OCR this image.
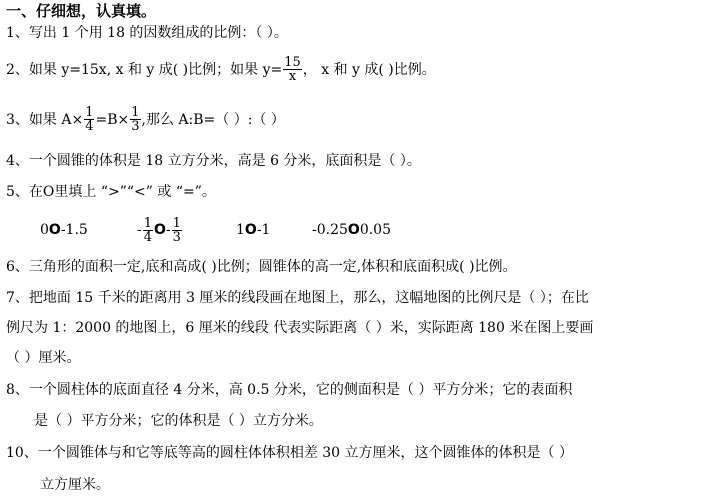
一、仔细想，认真填。
1、写出 1 个用 18 的因数组成的比例：（ ）。
2、如果 y=15x, x 和 y 成( )比例；如果 $y= \frac{15}{x}$ ， x 和 y 成( )比例。
3、如果 $A\times \frac{1}{4} =B\times \frac{1}{3}$ ,那么 A:B=（ ）:（ ）
4、一个圆锥的体积是 18 立方分米，高是 6 分米，底面积是（ ）。
5、在O里填上 “>”“<” 或 “=”。
0 O -1.5	- $\frac{1}{4}$ O - $\frac{1}{3}$	1 O -1	-0.25 O 0.05
6、三角形的面积一定,底和高成( )比例；圆锥体的高一定,体积和底面积成( )比例。
7、把地面 15 千米的距离用 3 厘米的线段画在地图上，那么，这幅地图的比例尺是（ ）；在比
例尺为 1：2000 的地图上，6 厘米的线段 代表实际距离（ ）米，实际距离 180 米在图上要画
（ ）厘米。
8、一个圆柱体的底面直径 4 分米，高 0.5 分米，它的侧面积是（ ）平方分米；它的表面积
是（ ）平方分米；它的体积是（ ）立方分米。
10、一个圆锥体与和它等底等高的圆柱体体积相差 30 立方厘米，这个圆锥体的体积是（ ）
立方厘米。
